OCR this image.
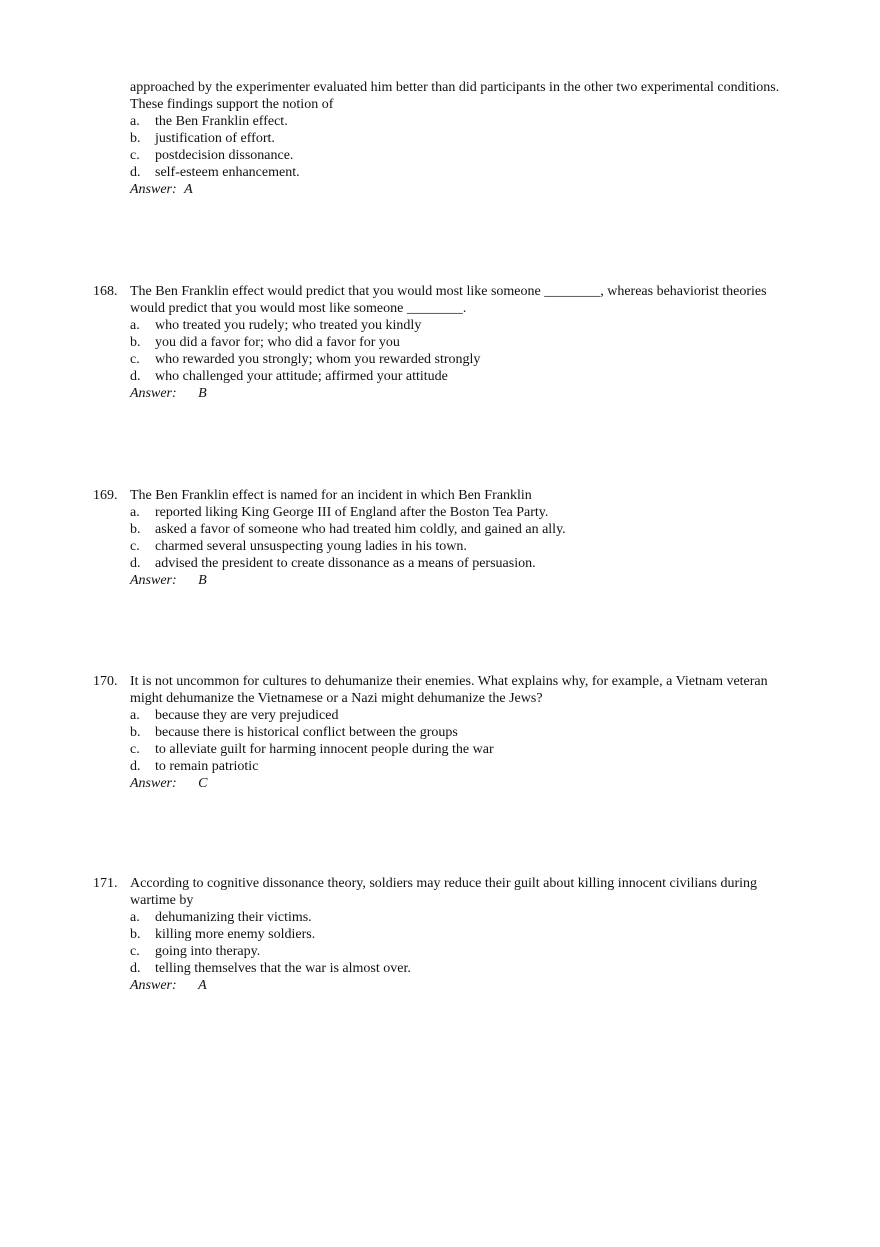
approached by the experimenter evaluated him better than did participants in the other two experimental conditions. These findings support the notion of
a. the Ben Franklin effect.
b. justification of effort.
c. postdecision dissonance.
d. self-esteem enhancement.
Answer: A
168. The Ben Franklin effect would predict that you would most like someone ________, whereas behaviorist theories would predict that you would most like someone ________.
a. who treated you rudely; who treated you kindly
b. you did a favor for; who did a favor for you
c. who rewarded you strongly; whom you rewarded strongly
d. who challenged your attitude; affirmed your attitude
Answer: B
169. The Ben Franklin effect is named for an incident in which Ben Franklin
a. reported liking King George III of England after the Boston Tea Party.
b. asked a favor of someone who had treated him coldly, and gained an ally.
c. charmed several unsuspecting young ladies in his town.
d. advised the president to create dissonance as a means of persuasion.
Answer: B
170. It is not uncommon for cultures to dehumanize their enemies. What explains why, for example, a Vietnam veteran might dehumanize the Vietnamese or a Nazi might dehumanize the Jews?
a. because they are very prejudiced
b. because there is historical conflict between the groups
c. to alleviate guilt for harming innocent people during the war
d. to remain patriotic
Answer: C
171. According to cognitive dissonance theory, soldiers may reduce their guilt about killing innocent civilians during wartime by
a. dehumanizing their victims.
b. killing more enemy soldiers.
c. going into therapy.
d. telling themselves that the war is almost over.
Answer: A
